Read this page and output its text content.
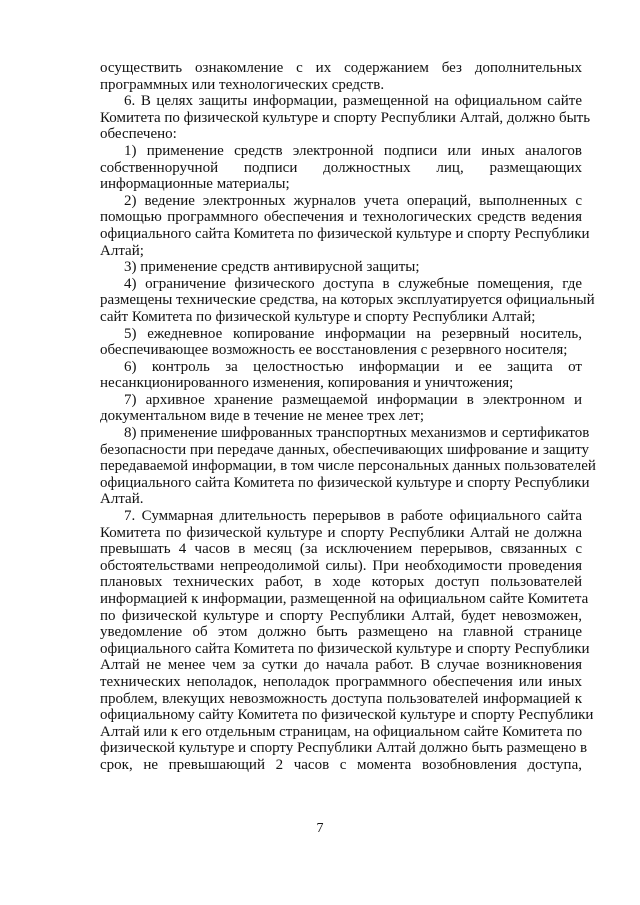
осуществить ознакомление с их содержанием без дополнительных
программных или технологических средств.
6. В целях защиты информации, размещенной на официальном сайте
Комитета по физической культуре и спорту Республики Алтай, должно быть
обеспечено:
1) применение средств электронной подписи или иных аналогов
собственноручной подписи должностных лиц, размещающих
информационные материалы;
2) ведение электронных журналов учета операций, выполненных с
помощью программного обеспечения и технологических средств ведения
официального сайта Комитета по физической культуре и спорту Республики
Алтай;
3) применение средств антивирусной защиты;
4) ограничение физического доступа в служебные помещения, где
размещены технические средства, на которых эксплуатируется официальный
сайт Комитета по физической культуре и спорту Республики Алтай;
5) ежедневное копирование информации на резервный носитель,
обеспечивающее возможность ее восстановления с резервного носителя;
6) контроль за целостностью информации и ее защита от
несанкционированного изменения, копирования и уничтожения;
7) архивное хранение размещаемой информации в электронном и
документальном виде в течение не менее трех лет;
8) применение шифрованных транспортных механизмов и сертификатов
безопасности при передаче данных, обеспечивающих шифрование и защиту
передаваемой информации, в том числе персональных данных пользователей
официального сайта Комитета по физической культуре и спорту Республики
Алтай.
7. Суммарная длительность перерывов в работе официального сайта
Комитета по физической культуре и спорту Республики Алтай не должна
превышать 4 часов в месяц (за исключением перерывов, связанных с
обстоятельствами непреодолимой силы). При необходимости проведения
плановых технических работ, в ходе которых доступ пользователей
информацией к информации, размещенной на официальном сайте Комитета
по физической культуре и спорту Республики Алтай, будет невозможен,
уведомление об этом должно быть размещено на главной странице
официального сайта Комитета по физической культуре и спорту Республики
Алтай не менее чем за сутки до начала работ. В случае возникновения
технических неполадок, неполадок программного обеспечения или иных
проблем, влекущих невозможность доступа пользователей информацией к
официальному сайту Комитета по физической культуре и спорту Республики
Алтай или к его отдельным страницам, на официальном сайте Комитета по
физической культуре и спорту Республики Алтай должно быть размещено в
срок, не превышающий 2 часов с момента возобновления доступа,
7
